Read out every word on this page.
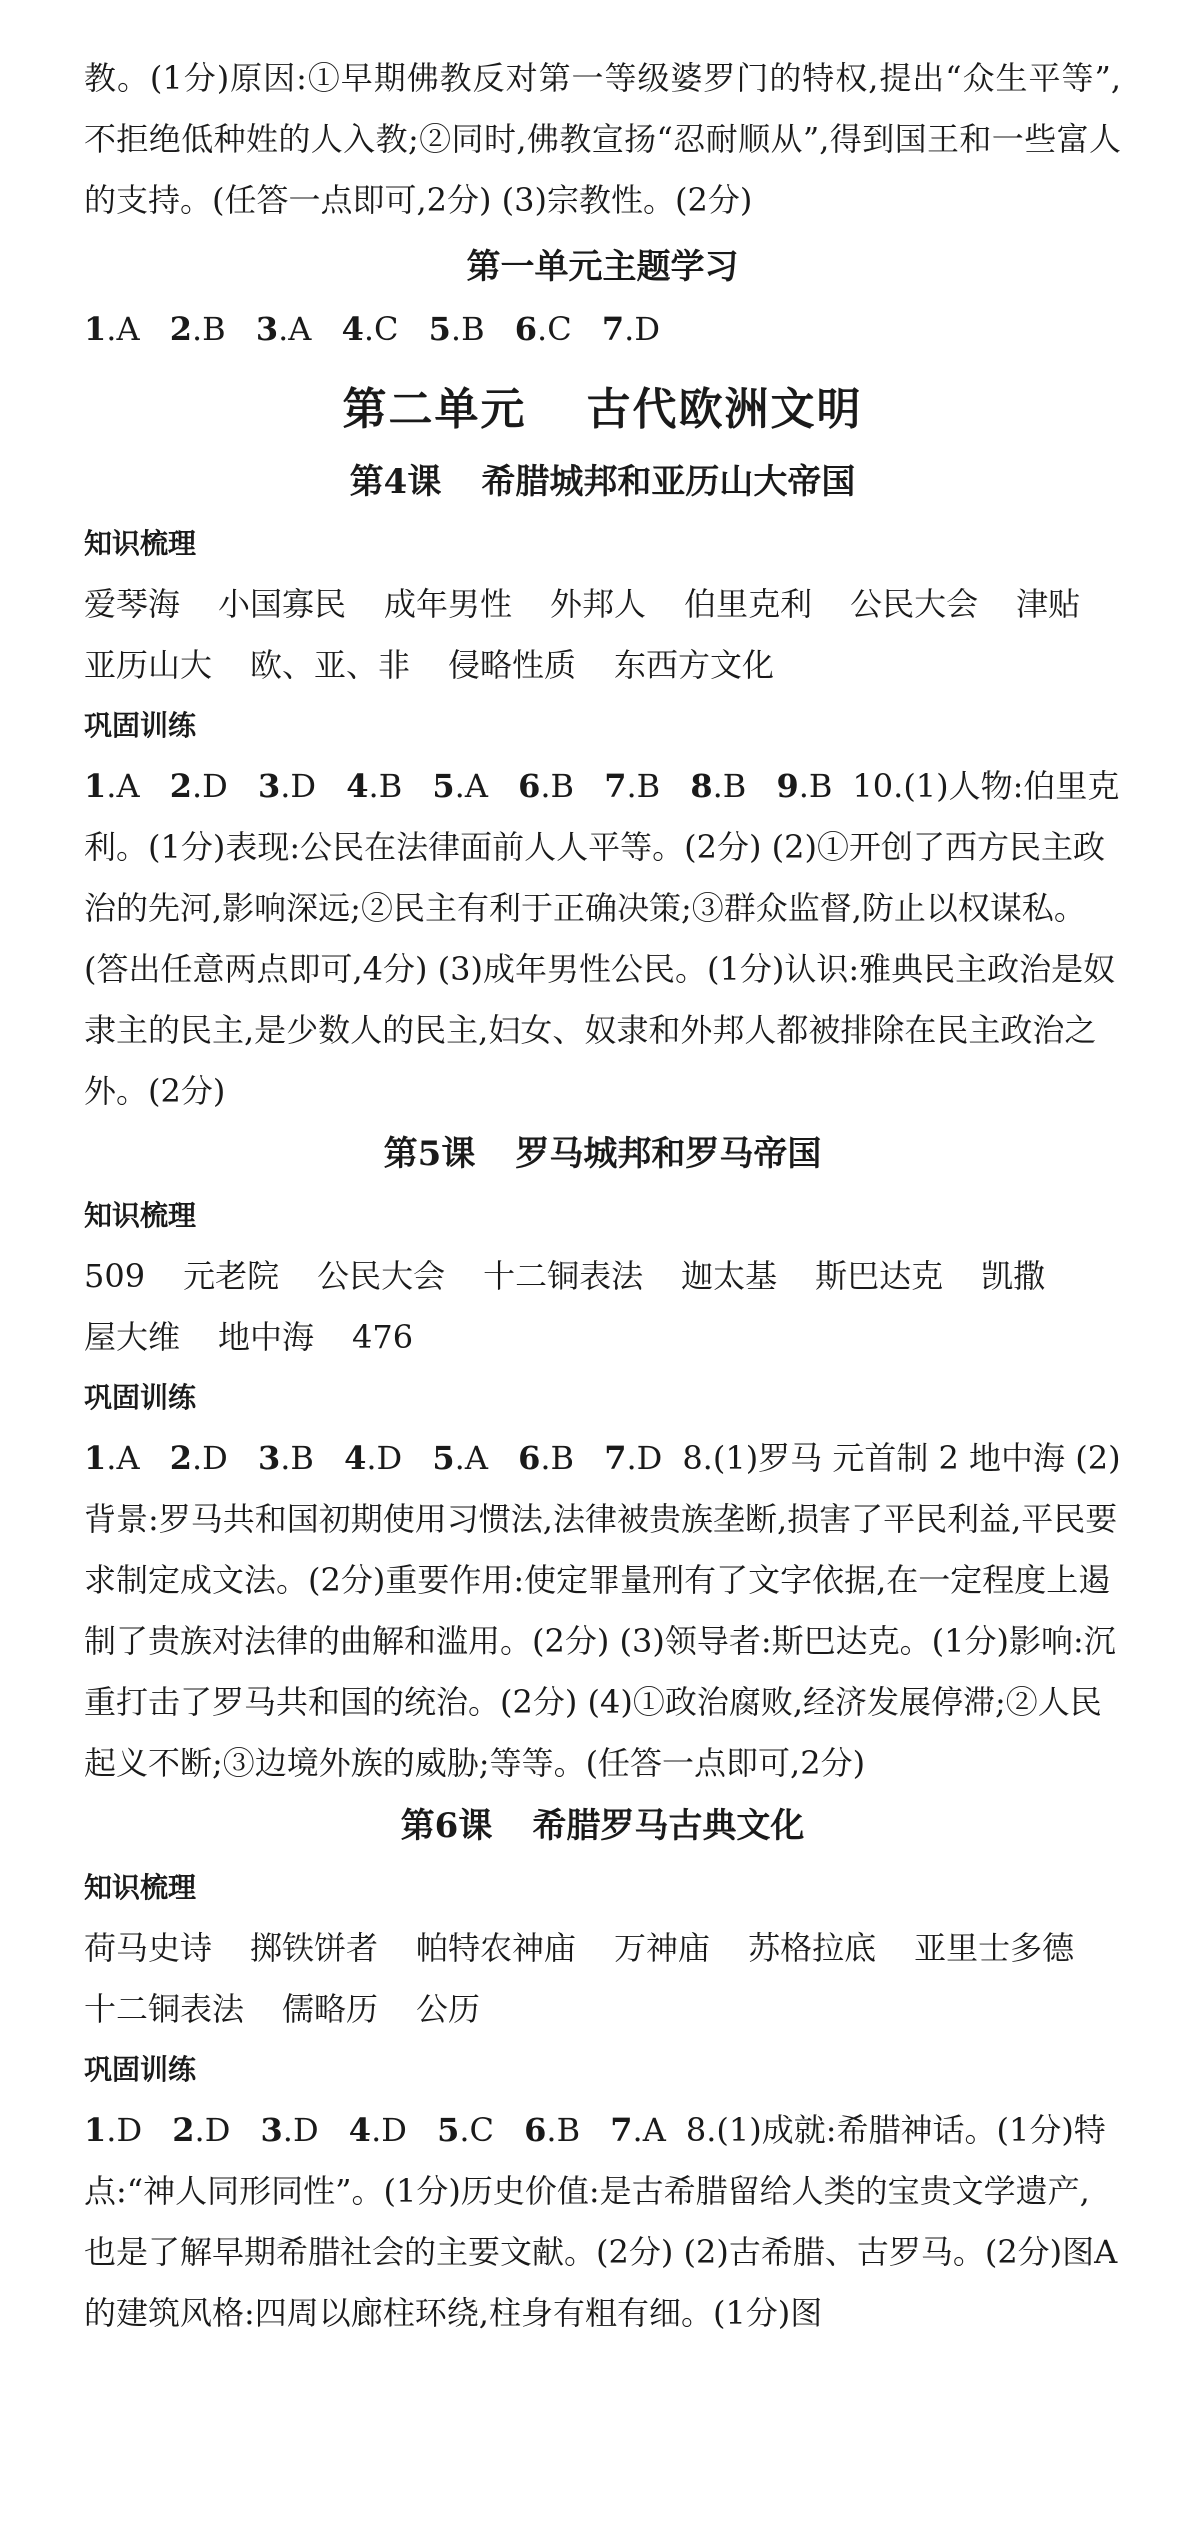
教。(1分)原因:①早期佛教反对第一等级婆罗门的特权,提出“众生平等”,不拒绝低种姓的人入教;②同时,佛教宣扬“忍耐顺从”,得到国王和一些富人的支持。(任答一点即可,2分) (3)宗教性。(2分)

第一单元主题学习

1.A 2.B 3.A 4.C 5.B 6.C 7.D

第二单元 古代欧洲文明
第4课 希腊城邦和亚历山大帝国
知识梳理

爱琴海 小国寡民 成年男性 外邦人 伯里克利 公民大会 津贴亚历山大 欧、亚、非 侵略性质 东西方文化

巩固训练

1.A 2.D 3.D 4.B 5.A 6.B 7.B 8.B 9.B 10.(1)人物:伯里克利。(1分)表现:公民在法律面前人人平等。(2分) (2)①开创了西方民主政治的先河,影响深远;②民主有利于正确决策;③群众监督,防止以权谋私。(答出任意两点即可,4分) (3)成年男性公民。(1分)认识:雅典民主政治是奴隶主的民主,是少数人的民主,妇女、奴隶和外邦人都被排除在民主政治之外。(2分)

第5课 罗马城邦和罗马帝国
知识梳理

509 元老院 公民大会 十二铜表法 迦太基 斯巴达克 凯撒屋大维 地中海 476

巩固训练

1.A 2.D 3.B 4.D 5.A 6.B 7.D 8.(1)罗马 元首制 2 地中海 (2)背景:罗马共和国初期使用习惯法,法律被贵族垄断,损害了平民利益,平民要求制定成文法。(2分)重要作用:使定罪量刑有了文字依据,在一定程度上遏制了贵族对法律的曲解和滥用。(2分) (3)领导者:斯巴达克。(1分)影响:沉重打击了罗马共和国的统治。(2分) (4)①政治腐败,经济发展停滞;②人民起义不断;③边境外族的威胁;等等。(任答一点即可,2分)

第6课 希腊罗马古典文化
知识梳理

荷马史诗 掷铁饼者 帕特农神庙 万神庙 苏格拉底 亚里士多德十二铜表法 儒略历 公历

巩固训练

1.D 2.D 3.D 4.D 5.C 6.B 7.A 8.(1)成就:希腊神话。(1分)特点:“神人同形同性”。(1分)历史价值:是古希腊留给人类的宝贵文学遗产,也是了解早期希腊社会的主要文献。(2分) (2)古希腊、古罗马。(2分)图A的建筑风格:四周以廊柱环绕,柱身有粗有细。(1分)图
